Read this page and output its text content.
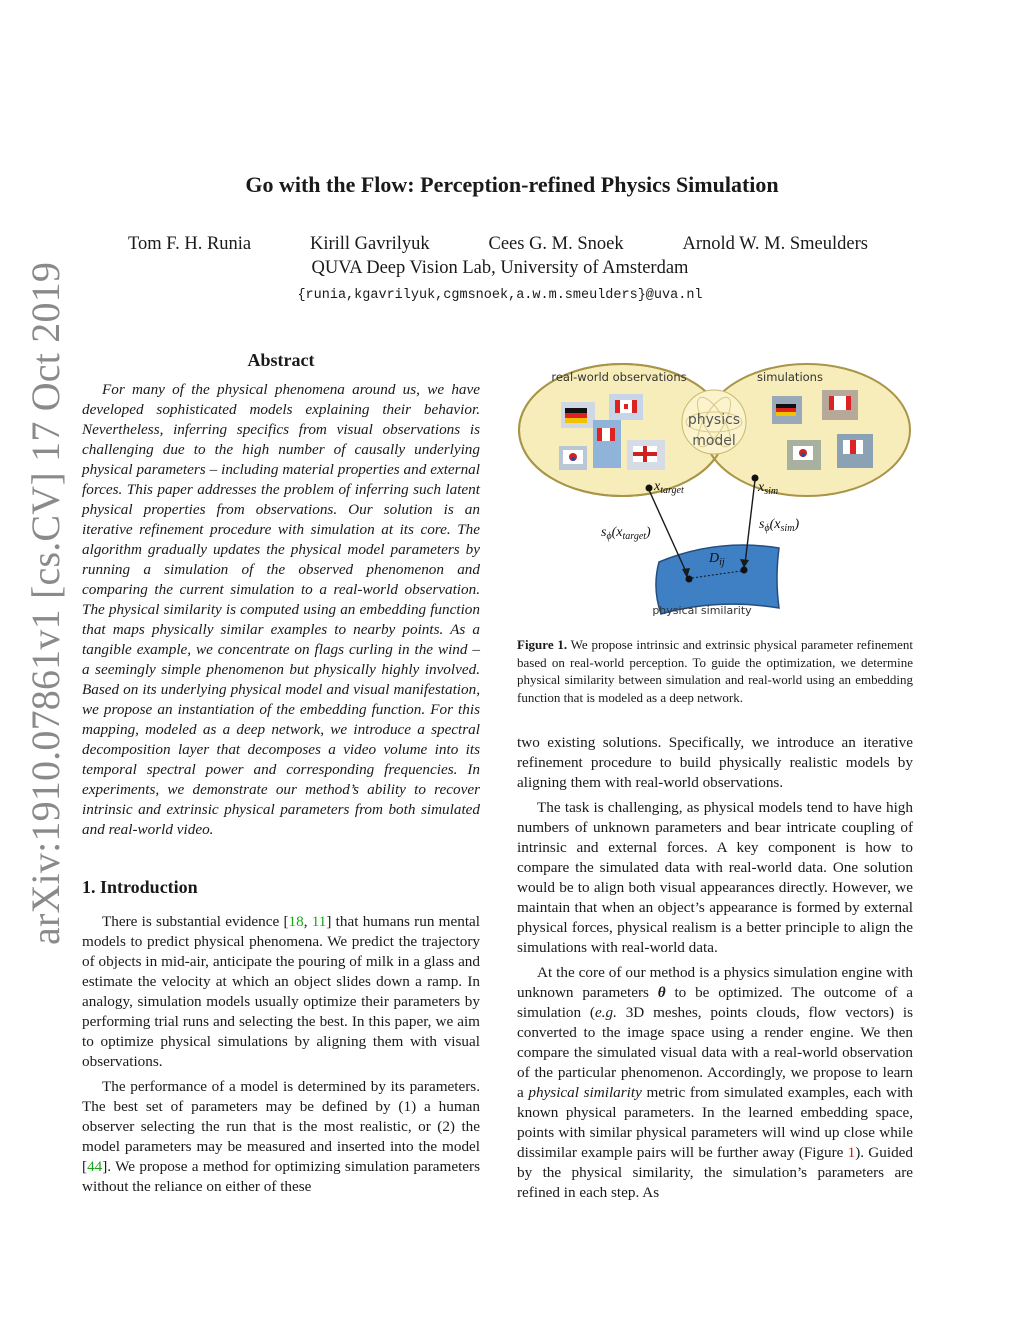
arXiv:1910.07861v1 [cs.CV] 17 Oct 2019
Go with the Flow: Perception-refined Physics Simulation
Tom F. H. Runia	Kirill Gavrilyuk	Cees G. M. Snoek	Arnold W. M. Smeulders
QUVA Deep Vision Lab, University of Amsterdam
{runia,kgavrilyuk,cgmsnoek,a.w.m.smeulders}@uva.nl
Abstract

For many of the physical phenomena around us, we have developed sophisticated models explaining their behavior. Nevertheless, inferring specifics from visual observations is challenging due to the high number of causally underlying physical parameters – including material properties and external forces. This paper addresses the problem of inferring such latent physical properties from observations. Our solution is an iterative refinement procedure with simulation at its core. The algorithm gradually updates the physical model parameters by running a simulation of the observed phenomenon and comparing the current simulation to a real-world observation. The physical similarity is computed using an embedding function that maps physically similar examples to nearby points. As a tangible example, we concentrate on flags curling in the wind – a seemingly simple phenomenon but physically highly involved. Based on its underlying physical model and visual manifestation, we propose an instantiation of the embedding function. For this mapping, modeled as a deep network, we introduce a spectral decomposition layer that decomposes a video volume into its temporal spectral power and corresponding frequencies. In experiments, we demonstrate our method’s ability to recover intrinsic and extrinsic physical parameters from both simulated and real-world video.

1. Introduction

There is substantial evidence [18, 11] that humans run mental models to predict physical phenomena. We predict the trajectory of objects in mid-air, anticipate the pouring of milk in a glass and estimate the velocity at which an object slides down a ramp. In analogy, simulation models usually optimize their parameters by performing trial runs and selecting the best. In this paper, we aim to optimize physical simulations by aligning them with visual observations.

The performance of a model is determined by its parameters. The best set of parameters may be defined by (1) a human observer selecting the run that is the most realistic, or (2) the model parameters may be measured and inserted into the model [44]. We propose a method for optimizing simulation parameters without the reliance on either of these

real-world observations	simulations
physics
model
physical similarity
$x_{target}$	$x_{sim}$
$s_\phi(x_{target})$
$s_\phi(x_{sim})$
$D_{ij}$

Figure 1. We propose intrinsic and extrinsic physical parameter refinement based on real-world perception. To guide the optimization, we determine physical similarity between simulation and real-world using an embedding function that is modeled as a deep network.

two existing solutions. Specifically, we introduce an iterative refinement procedure to build physically realistic models by aligning them with real-world observations.

The task is challenging, as physical models tend to have high numbers of unknown parameters and bear intricate coupling of intrinsic and external forces. A key component is how to compare the simulated data with real-world data. One solution would be to align both visual appearances directly. However, we maintain that when an object’s appearance is formed by external physical forces, physical realism is a better principle to align the simulations with real-world data.

At the core of our method is a physics simulation engine with unknown parameters θ to be optimized. The outcome of a simulation (e.g. 3D meshes, points clouds, flow vectors) is converted to the image space using a render engine. We then compare the simulated visual data with a real-world observation of the particular phenomenon. Accordingly, we propose to learn a physical similarity metric from simulated examples, each with known physical parameters. In the learned embedding space, points with similar physical parameters will wind up close while dissimilar example pairs will be further away (Figure 1). Guided by the physical similarity, the simulation’s parameters are refined in each step. As
